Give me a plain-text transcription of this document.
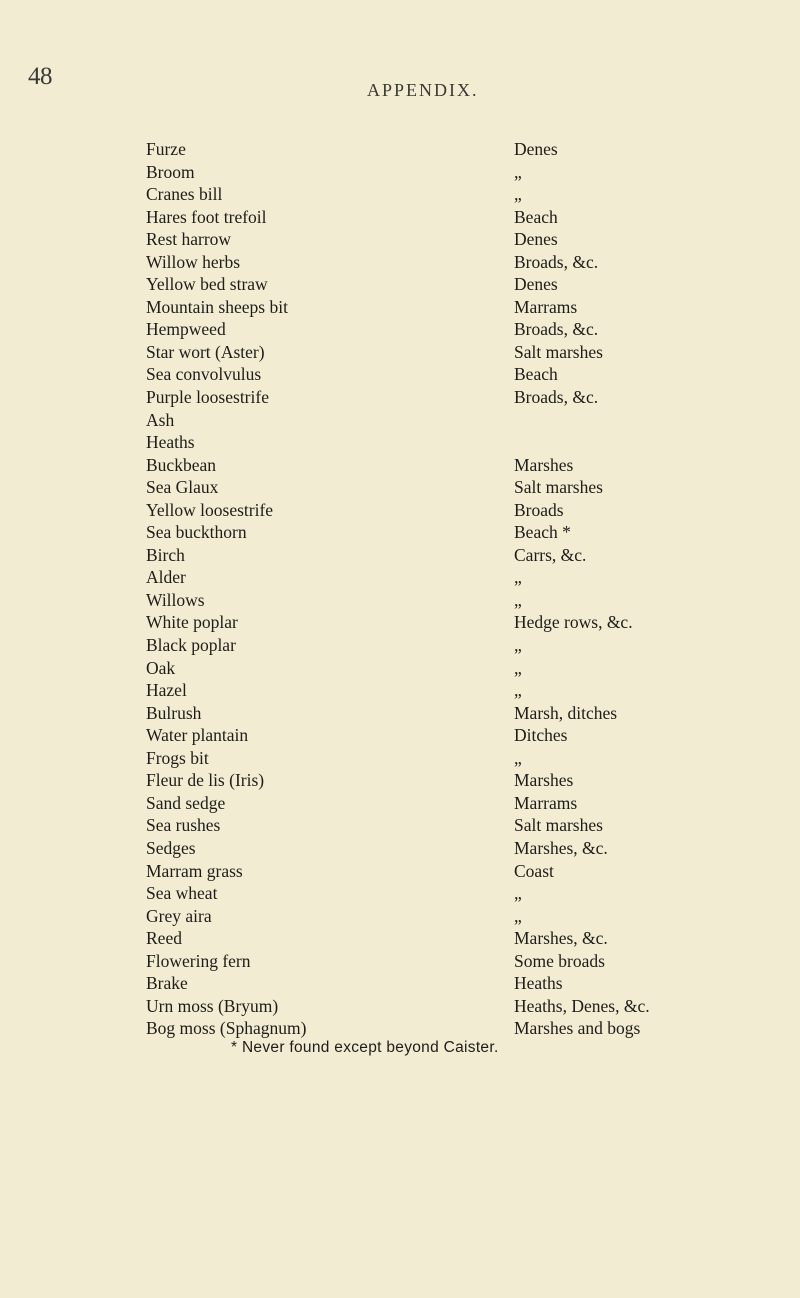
48	APPENDIX.
Furze	Denes
Broom	„
Cranes bill	„
Hares foot trefoil	Beach
Rest harrow	Denes
Willow herbs	Broads, &c.
Yellow bed straw	Denes
Mountain sheeps bit	Marrams
Hempweed	Broads, &c.
Star wort (Aster)	Salt marshes
Sea convolvulus	Beach
Purple loosestrife	Broads, &c.
Ash
Heaths
Buckbean	Marshes
Sea Glaux	Salt marshes
Yellow loosestrife	Broads
Sea buckthorn	Beach *
Birch	Carrs, &c.
Alder	„
Willows	„
White poplar	Hedge rows, &c.
Black poplar	„
Oak	„
Hazel	„
Bulrush	Marsh, ditches
Water plantain	Ditches
Frogs bit	„
Fleur de lis (Iris)	Marshes
Sand sedge	Marrams
Sea rushes	Salt marshes
Sedges	Marshes, &c.
Marram grass	Coast
Sea wheat	„
Grey aira	„
Reed	Marshes, &c.
Flowering fern	Some broads
Brake	Heaths
Urn moss (Bryum)	Heaths, Denes, &c.
Bog moss (Sphagnum)	Marshes and bogs
* Never found except beyond Caister.
